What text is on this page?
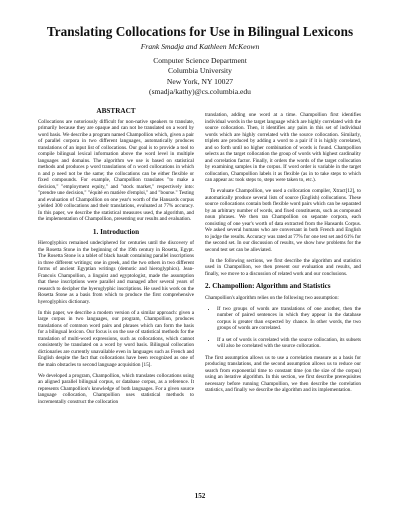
Translating Collocations for Use in Bilingual Lexicons
Frank Smadja and Kathleen McKeown
Computer Science Department
Columbia University
New York, NY 10027
(smadja/kathy)@cs.columbia.edu
ABSTRACT

Collocations are notoriously difficult for non-native speakers to translate, primarily because they are opaque and can not be translated on a word by word basis. We describe a program named Champollion which, given a pair of parallel corpora in two different languages, automatically produces translations of an input list of collocations. Our goal is to provide a tool to compile bilingual lexical information above the word level in multiple languages and domains. The algorithm we use is based on statistical methods and produces p word translations of n word collocations in which n and p need not be the same; the collocations can be either flexible or fixed compounds. For example, Champollion translates "to make a decision," "employment equity," and "stock market," respectively into: "prendre une decision," "équité en matière d'emploi," and "bourse." Testing and evaluation of Champollion on one year's worth of the Hansards corpus yielded 300 collocations and their translations, evaluated at 77% accuracy. In this paper, we describe the statistical measures used, the algorithm, and the implementation of Champollion, presenting our results and evaluation.

1. Introduction

Hieroglyphics remained undeciphered for centuries until the discovery of the Rosetta Stone in the beginning of the 19th century in Rosetta, Egypt. The Rosetta Stone is a tablet of black basalt containing parallel inscriptions in three different writings; one in greek, and the two others in two different forms of ancient Egyptian writings (demotic and hieroglyphics). Jean-Francois Champollion, a linguist and egyptologist, made the assumption that these inscriptions were parallel and managed after several years of research to decipher the hyeroglyphic inscriptions. He used his work on the Rosetta Stone as a basis from which to produce the first comprehensive hyeroglyphics dictionary.

In this paper, we describe a modern version of a similar approach: given a large corpus in two languages, our program, Champollion, produces translations of common word pairs and phrases which can form the basis for a bilingual lexicon. Our focus is on the use of statistical methods for the translation of multi-word expressions, such as collocations, which cannot consistently be translated on a word by word basis. Bilingual collocation dictionaries are currently unavailable even in languages such as French and English despite the fact that collocations have been recognized as one of the main obstacles to second language acquisition [15].

We developed a program, Champollion, which translates collocations using an aligned parallel bilingual corpus, or database corpus, as a reference. It represents Champollion's knowledge of both languages. For a given source language collocation, Champollion uses statistical methods to incrementally construct the collocation

translation, adding one word at a time. Champollion first identifies individual words in the target language which are highly correlated with the source collocation. Then, it identifies any pairs in this set of individual words which are highly correlated with the source collocation. Similarly, triplets are produced by adding a word to a pair if it is highly correlated, and so forth until no higher combination of words is found. Champollion selects as the target collocation the group of words with highest cardinality and correlation factor. Finally, it orders the words of the target collocation by examining samples in the corpus. If word order is variable in the target collocation, Champollion labels it as flexible (as in to take steps to which can appear as: took steps to, steps were taken to, etc.).

To evaluate Champollion, we used a collocation compiler, Xtract[12], to automatically produce several lists of source (English) collocations. These source collocations contain both flexible word pairs which can be separated by an arbitrary number of words, and fixed constituents, such as compound noun phrases. We then ran Champollion on separate corpora, each consisting of one year's worth of data extracted from the Hansards Corpus. We asked several humans who are conversant in both French and English to judge the results. Accuracy was rated at 77% for one test set and 61% for the second set. In our discussion of results, we show how problems for the second test set can be alleviated.

In the following sections, we first describe the algorithm and statistics used in Champollion, we then present our evaluation and results, and finally, we move to a discussion of related work and our conclusions.

2. Champollion: Algorithm and Statistics

Champollion's algorithm relies on the following two assumption:

• If two groups of words are translations of one another, then the number of paired sentences in which they appear in the database corpus is greater than expected by chance. In other words, the two groups of words are correlated.
• If a set of words is correlated with the source collocation, its subsets will also be correlated with the source collocation.

The first assumption allows us to use a correlation measure as a basis for producing translations, and the second assumption allows us to reduce our search from exponential time to constant time (on the size of the corpus) using an iterative algorithm. In this section, we first describe prerequisites necessary before running Champollion, we then describe the correlation statistics, and finally we describe the algorithm and its implementation.

152
